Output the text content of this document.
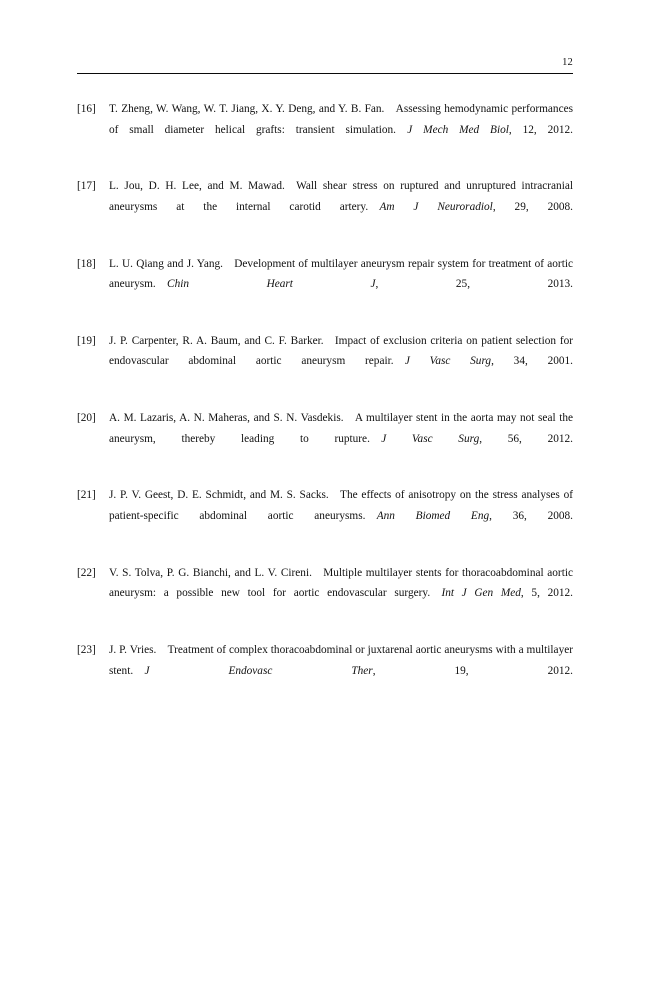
12
[16]	T. Zheng, W. Wang, W. T. Jiang, X. Y. Deng, and Y. B. Fan.   Assessing hemodynamic performances of small diameter helical grafts: transient simulation.   J Mech Med Biol, 12, 2012.
[17]	L. Jou, D. H. Lee, and M. Mawad.   Wall shear stress on ruptured and unruptured intracranial aneurysms at the internal carotid artery.   Am J Neuroradiol, 29, 2008.
[18]	L. U. Qiang and J. Yang.   Development of multilayer aneurysm repair system for treatment of aortic aneurysm.   Chin Heart J, 25, 2013.
[19]	J. P. Carpenter, R. A. Baum, and C. F. Barker.   Impact of exclusion criteria on patient selection for endovascular abdominal aortic aneurysm repair.   J Vasc Surg, 34, 2001.
[20]	A. M. Lazaris, A. N. Maheras, and S. N. Vasdekis.   A multilayer stent in the aorta may not seal the aneurysm, thereby leading to rupture.   J Vasc Surg, 56, 2012.
[21]	J. P. V. Geest, D. E. Schmidt, and M. S. Sacks.   The effects of anisotropy on the stress analyses of patient-specific abdominal aortic aneurysms.   Ann Biomed Eng, 36, 2008.
[22]	V. S. Tolva, P. G. Bianchi, and L. V. Cireni.   Multiple multilayer stents for thoracoabdominal aortic aneurysm: a possible new tool for aortic endovascular surgery.   Int J Gen Med, 5, 2012.
[23]	J. P. Vries.   Treatment of complex thoracoabdominal or juxtarenal aortic aneurysms with a multilayer stent.   J Endovasc Ther, 19, 2012.
